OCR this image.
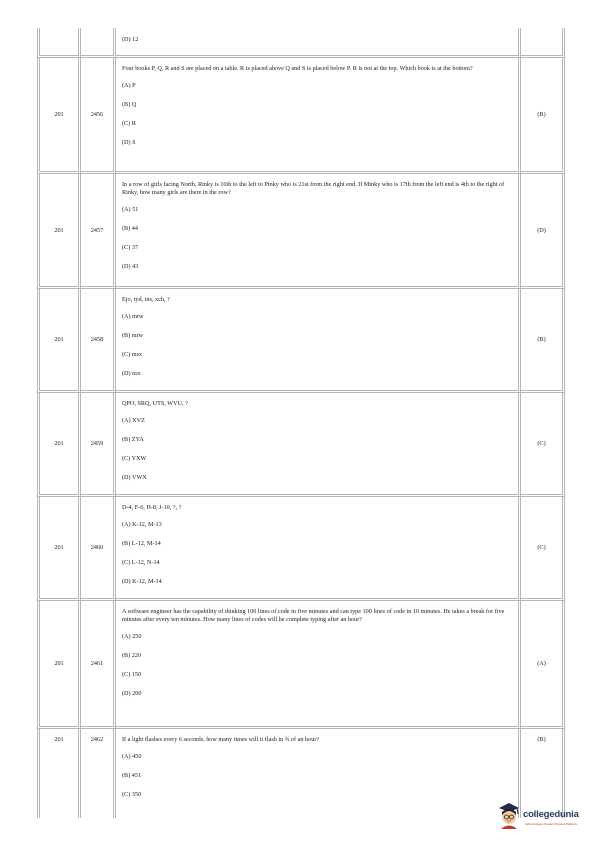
		(D) 12	

201	2456	Four books P, Q, R and S are placed on a table. R is placed above Q and S is placed below P. R is not at the top. Which book is at the bottom?
(A) P
(B) Q
(C) R
(D) S	(B)
201	2457	In a row of girls facing North, Rinky is 10th to the left to Pinky who is 21st from the right end. If Minky who is 17th from the left end is 4th to the right of Rinky, how many girls are there in the row?
(A) 51
(B) 44
(C) 37
(D) 43	(D)
201	2458	Ejo, tyd, ins, xch, ?
(A) mrw
(B) mrw
(C) msx
(D) nsx	(B)
201	2459	QPO, SRQ, UTS, WVU, ?
(A) XVZ
(B) ZYA
(C) YXW
(D) VWX	(C)
201	2460	D-4, F-6, H-8, J-10, ?, ?
(A) K-12, M-13
(B) L-12, M-14
(C) L-12, N-14
(D) K-12, M-14	(C)
201	2461	A software engineer has the capability of thinking 100 lines of code in five minutes and can type 100 lines of code in 10 minutes. He takes a break for five minutes after every ten minutes. How many lines of codes will he complete typing after an hour?
(A) 250
(B) 220
(C) 150
(D) 200	(A)
201	2462	If a light flashes every 6 seconds, how many times will it flash in ¾ of an hour?
(A) 450
(B) 451
(C) 350	(B)
collegedunia
India's largest Student Review Platform
